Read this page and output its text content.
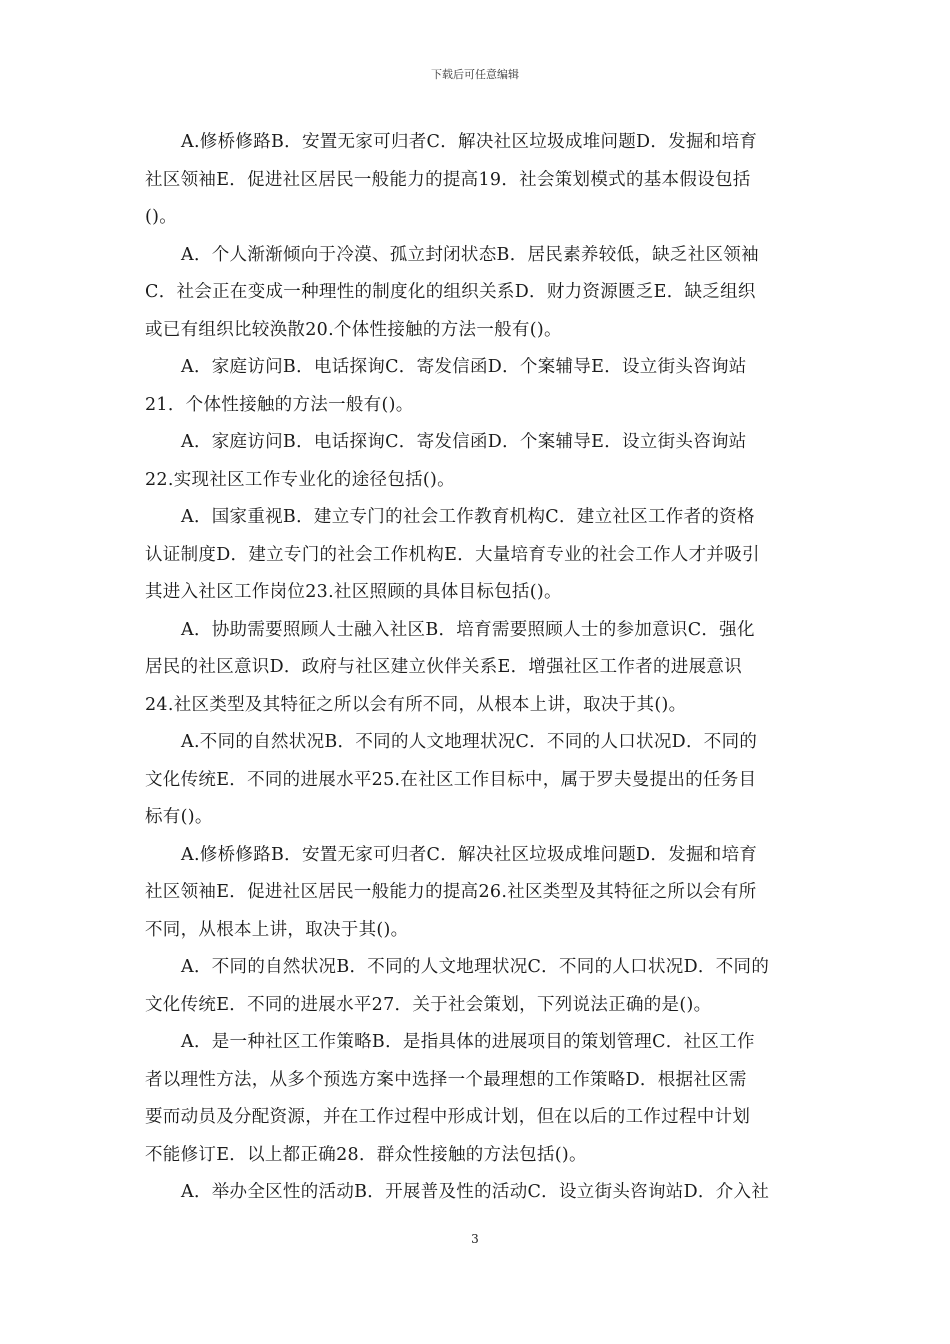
下载后可任意编辑
A.修桥修路B．安置无家可归者C．解决社区垃圾成堆问题D．发掘和培育
社区领袖E．促进社区居民一般能力的提高19．社会策划模式的基本假设包括
()。
A．个人渐渐倾向于冷漠、孤立封闭状态B．居民素养较低，缺乏社区领袖
C．社会正在变成一种理性的制度化的组织关系D．财力资源匮乏E．缺乏组织
或已有组织比较涣散20.个体性接触的方法一般有()。
A．家庭访问B．电话探询C．寄发信函D．个案辅导E．设立街头咨询站
21．个体性接触的方法一般有()。
A．家庭访问B．电话探询C．寄发信函D．个案辅导E．设立街头咨询站
22.实现社区工作专业化的途径包括()。
A．国家重视B．建立专门的社会工作教育机构C．建立社区工作者的资格
认证制度D．建立专门的社会工作机构E．大量培育专业的社会工作人才并吸引
其进入社区工作岗位23.社区照顾的具体目标包括()。
A．协助需要照顾人士融入社区B．培育需要照顾人士的参加意识C．强化
居民的社区意识D．政府与社区建立伙伴关系E．增强社区工作者的进展意识
24.社区类型及其特征之所以会有所不同，从根本上讲，取决于其()。
A.不同的自然状况B．不同的人文地理状况C．不同的人口状况D．不同的
文化传统E．不同的进展水平25.在社区工作目标中，属于罗夫曼提出的任务目
标有()。
A.修桥修路B．安置无家可归者C．解决社区垃圾成堆问题D．发掘和培育
社区领袖E．促进社区居民一般能力的提高26.社区类型及其特征之所以会有所
不同，从根本上讲，取决于其()。
A．不同的自然状况B．不同的人文地理状况C．不同的人口状况D．不同的
文化传统E．不同的进展水平27．关于社会策划，下列说法正确的是()。
A．是一种社区工作策略B．是指具体的进展项目的策划管理C．社区工作
者以理性方法，从多个预选方案中选择一个最理想的工作策略D．根据社区需
要而动员及分配资源，并在工作过程中形成计划，但在以后的工作过程中计划
不能修订E．以上都正确28．群众性接触的方法包括()。
A．举办全区性的活动B．开展普及性的活动C．设立街头咨询站D．介入社
3
